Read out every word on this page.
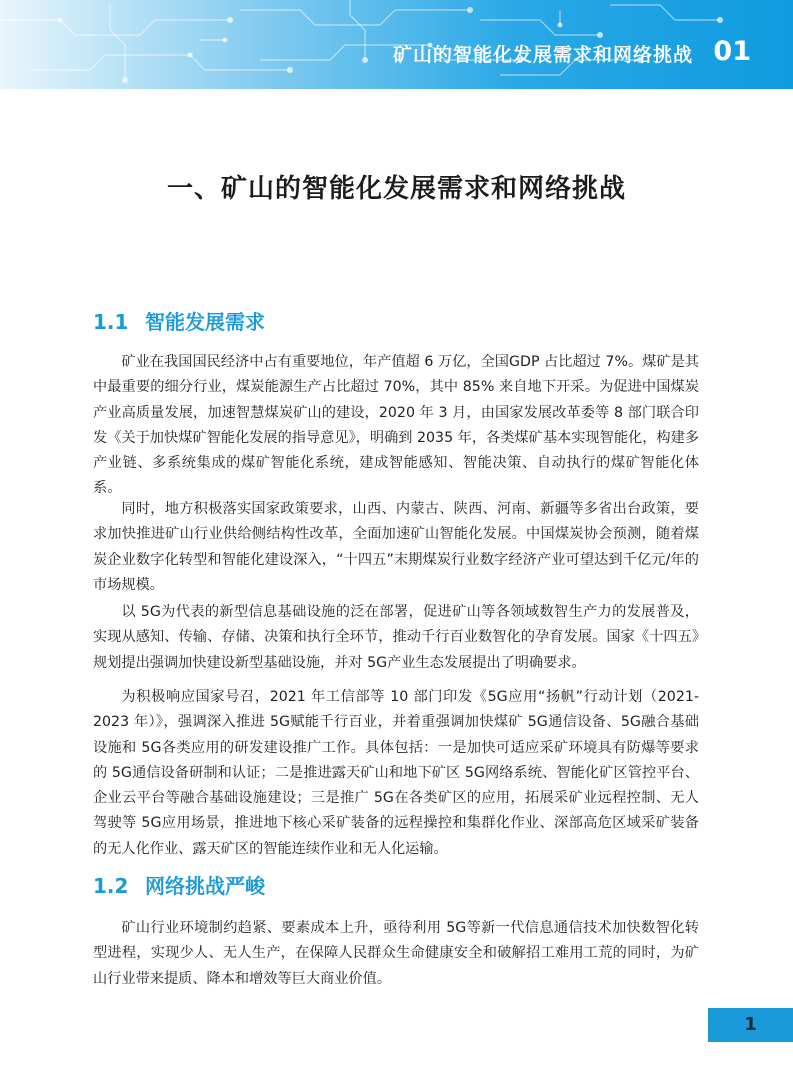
矿山的智能化发展需求和网络挑战 01
一、矿山的智能化发展需求和网络挑战
1.1 智能发展需求

矿业在我国国民经济中占有重要地位，年产值超 6 万亿，全国GDP 占比超过 7%。煤矿是其中最重要的细分行业，煤炭能源生产占比超过 70%，其中 85% 来自地下开采。为促进中国煤炭产业高质量发展，加速智慧煤炭矿山的建设，2020 年 3 月，由国家发展改革委等 8 部门联合印发《关于加快煤矿智能化发展的指导意见》，明确到 2035 年，各类煤矿基本实现智能化，构建多产业链、多系统集成的煤矿智能化系统，建成智能感知、智能决策、自动执行的煤矿智能化体系。

同时，地方积极落实国家政策要求，山西、内蒙古、陕西、河南、新疆等多省出台政策，要求加快推进矿山行业供给侧结构性改革，全面加速矿山智能化发展。中国煤炭协会预测，随着煤炭企业数字化转型和智能化建设深入，“十四五”末期煤炭行业数字经济产业可望达到千亿元/年的市场规模。

以 5G为代表的新型信息基础设施的泛在部署，促进矿山等各领域数智生产力的发展普及，实现从感知、传输、存储、决策和执行全环节，推动千行百业数智化的孕育发展。国家《十四五》规划提出强调加快建设新型基础设施，并对 5G产业生态发展提出了明确要求。

为积极响应国家号召，2021 年工信部等 10 部门印发《5G应用“扬帆”行动计划（2021-2023 年）》，强调深入推进 5G赋能千行百业，并着重强调加快煤矿 5G通信设备、5G融合基础设施和 5G各类应用的研发建设推广工作。具体包括：一是加快可适应采矿环境具有防爆等要求的 5G通信设备研制和认证；二是推进露天矿山和地下矿区 5G网络系统、智能化矿区管控平台、企业云平台等融合基础设施建设；三是推广 5G在各类矿区的应用，拓展采矿业远程控制、无人驾驶等 5G应用场景，推进地下核心采矿装备的远程操控和集群化作业、深部高危区域采矿装备的无人化作业、露天矿区的智能连续作业和无人化运输。

1.2 网络挑战严峻

矿山行业环境制约趋紧、要素成本上升，亟待利用 5G等新一代信息通信技术加快数智化转型进程，实现少人、无人生产，在保障人民群众生命健康安全和破解招工难用工荒的同时，为矿山行业带来提质、降本和增效等巨大商业价值。

1
